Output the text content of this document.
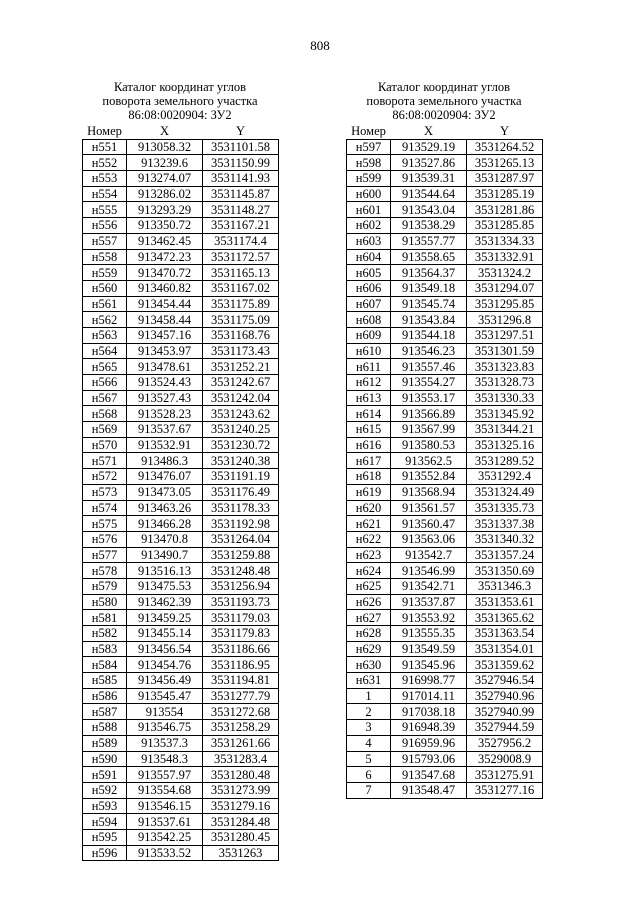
808
Каталог координат углов
поворота земельного участка
86:08:0020904: ЗУ2
Номер	X	Y
н551	913058.32	3531101.58
н552	913239.6	3531150.99
н553	913274.07	3531141.93
н554	913286.02	3531145.87
н555	913293.29	3531148.27
н556	913350.72	3531167.21
н557	913462.45	3531174.4
н558	913472.23	3531172.57
н559	913470.72	3531165.13
н560	913460.82	3531167.02
н561	913454.44	3531175.89
н562	913458.44	3531175.09
н563	913457.16	3531168.76
н564	913453.97	3531173.43
н565	913478.61	3531252.21
н566	913524.43	3531242.67
н567	913527.43	3531242.04
н568	913528.23	3531243.62
н569	913537.67	3531240.25
н570	913532.91	3531230.72
н571	913486.3	3531240.38
н572	913476.07	3531191.19
н573	913473.05	3531176.49
н574	913463.26	3531178.33
н575	913466.28	3531192.98
н576	913470.8	3531264.04
н577	913490.7	3531259.88
н578	913516.13	3531248.48
н579	913475.53	3531256.94
н580	913462.39	3531193.73
н581	913459.25	3531179.03
н582	913455.14	3531179.83
н583	913456.54	3531186.66
н584	913454.76	3531186.95
н585	913456.49	3531194.81
н586	913545.47	3531277.79
н587	913554	3531272.68
н588	913546.75	3531258.29
н589	913537.3	3531261.66
н590	913548.3	3531283.4
н591	913557.97	3531280.48
н592	913554.68	3531273.99
н593	913546.15	3531279.16
н594	913537.61	3531284.48
н595	913542.25	3531280.45
н596	913533.52	3531263
Каталог координат углов
поворота земельного участка
86:08:0020904: ЗУ2
Номер	X	Y
н597	913529.19	3531264.52
н598	913527.86	3531265.13
н599	913539.31	3531287.97
н600	913544.64	3531285.19
н601	913543.04	3531281.86
н602	913538.29	3531285.85
н603	913557.77	3531334.33
н604	913558.65	3531332.91
н605	913564.37	3531324.2
н606	913549.18	3531294.07
н607	913545.74	3531295.85
н608	913543.84	3531296.8
н609	913544.18	3531297.51
н610	913546.23	3531301.59
н611	913557.46	3531323.83
н612	913554.27	3531328.73
н613	913553.17	3531330.33
н614	913566.89	3531345.92
н615	913567.99	3531344.21
н616	913580.53	3531325.16
н617	913562.5	3531289.52
н618	913552.84	3531292.4
н619	913568.94	3531324.49
н620	913561.57	3531335.73
н621	913560.47	3531337.38
н622	913563.06	3531340.32
н623	913542.7	3531357.24
н624	913546.99	3531350.69
н625	913542.71	3531346.3
н626	913537.87	3531353.61
н627	913553.92	3531365.62
н628	913555.35	3531363.54
н629	913549.59	3531354.01
н630	913545.96	3531359.62
н631	916998.77	3527946.54
1	917014.11	3527940.96
2	917038.18	3527940.99
3	916948.39	3527944.59
4	916959.96	3527956.2
5	915793.06	3529008.9
6	913547.68	3531275.91
7	913548.47	3531277.16
